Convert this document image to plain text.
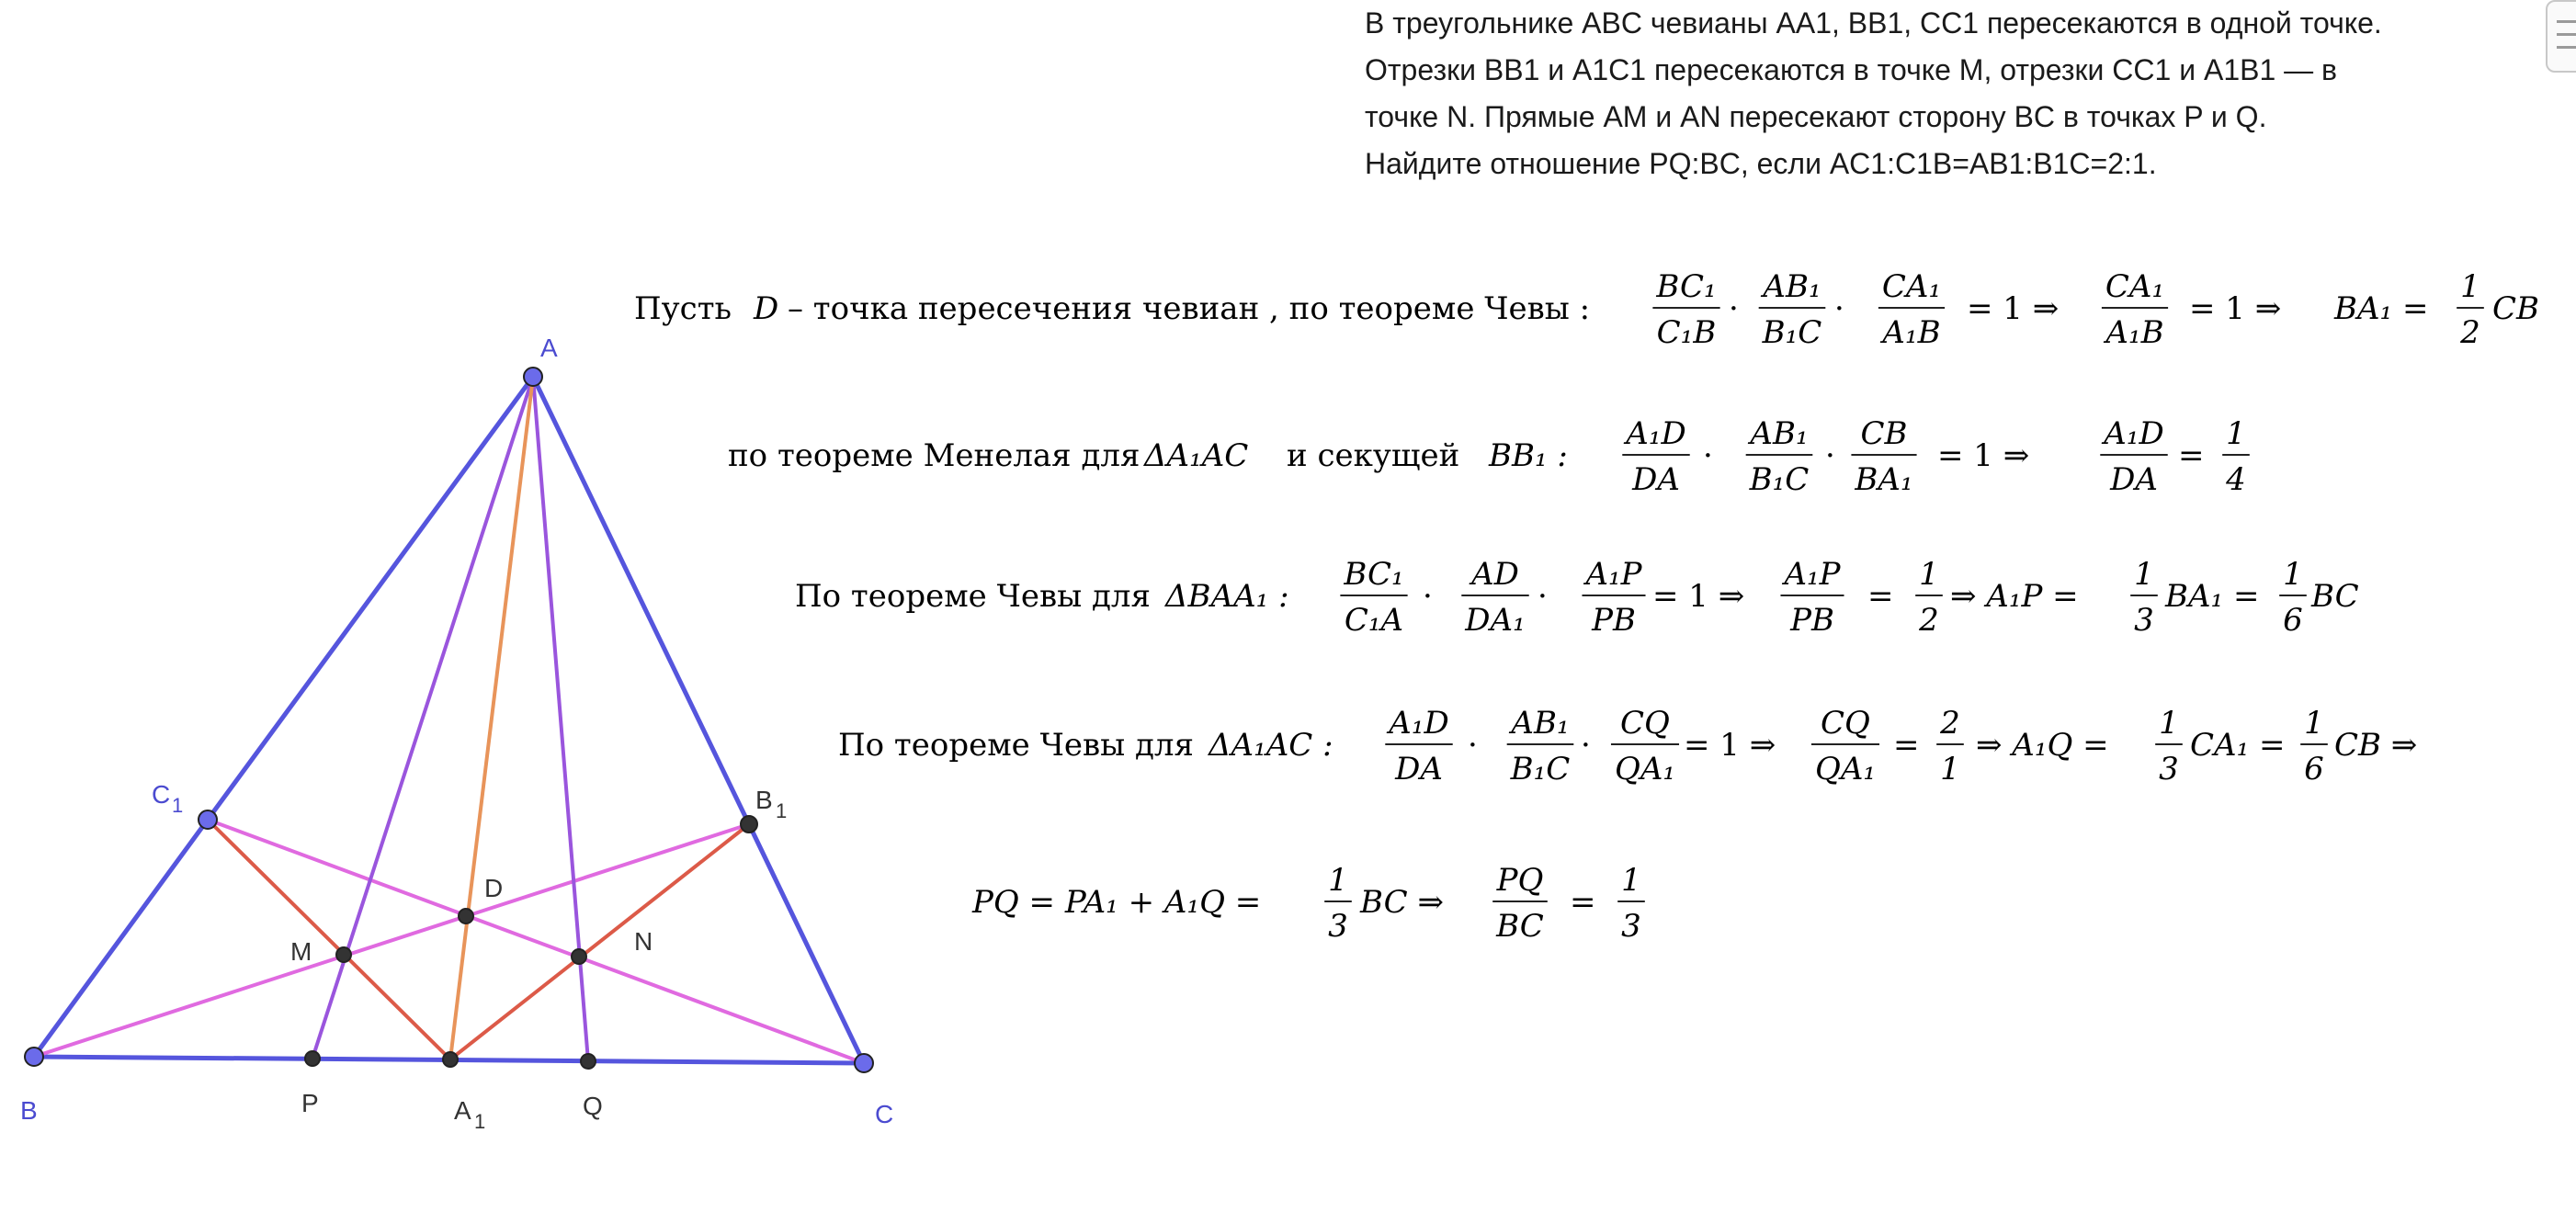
В треугольнике ABC чевианы AA1, BB1, CC1 пересекаются в одной точке.
Отрезки BB1 и A1C1 пересекаются в точке M, отрезки CC1 и A1B1 — в
точке N. Прямые AM и AN пересекают сторону BC в точках P и Q.
Найдите отношение PQ:BC, если AC1:C1B=AB1:B1C=2:1.
A
B	C
C 1	B 1
A 1
D
M	N
P	Q
Пусть D – точка пересечения чевиан , по теореме Чевы :
BC₁
C₁B
·
AB₁
B₁C
·
CA₁
A₁B
= 1 ⇒
CA₁
A₁B
= 1 ⇒ BA₁ =
1
2
CB
по теореме Менелая для ΔA₁AC и секущей BB₁ :
A₁D
DA
·
AB₁
B₁C
·
CB
BA₁
= 1 ⇒
A₁D
DA
=
1
4
По теореме Чевы для ΔBAA₁ :
BC₁
C₁A
·
AD
DA₁
·
A₁P
PB
= 1 ⇒
A₁P
PB
=
1
2
⇒ A₁P =
1
3
BA₁ =
1
6
BC
По теореме Чевы для ΔA₁AC :
A₁D
DA
·
AB₁
B₁C
·
CQ
QA₁
= 1 ⇒
CQ
QA₁
=
2
1
⇒ A₁Q =
1
3
CA₁ =
1
6
CB ⇒
PQ = PA₁ + A₁Q =
1
3
BC ⇒
PQ
BC
=
1
3
